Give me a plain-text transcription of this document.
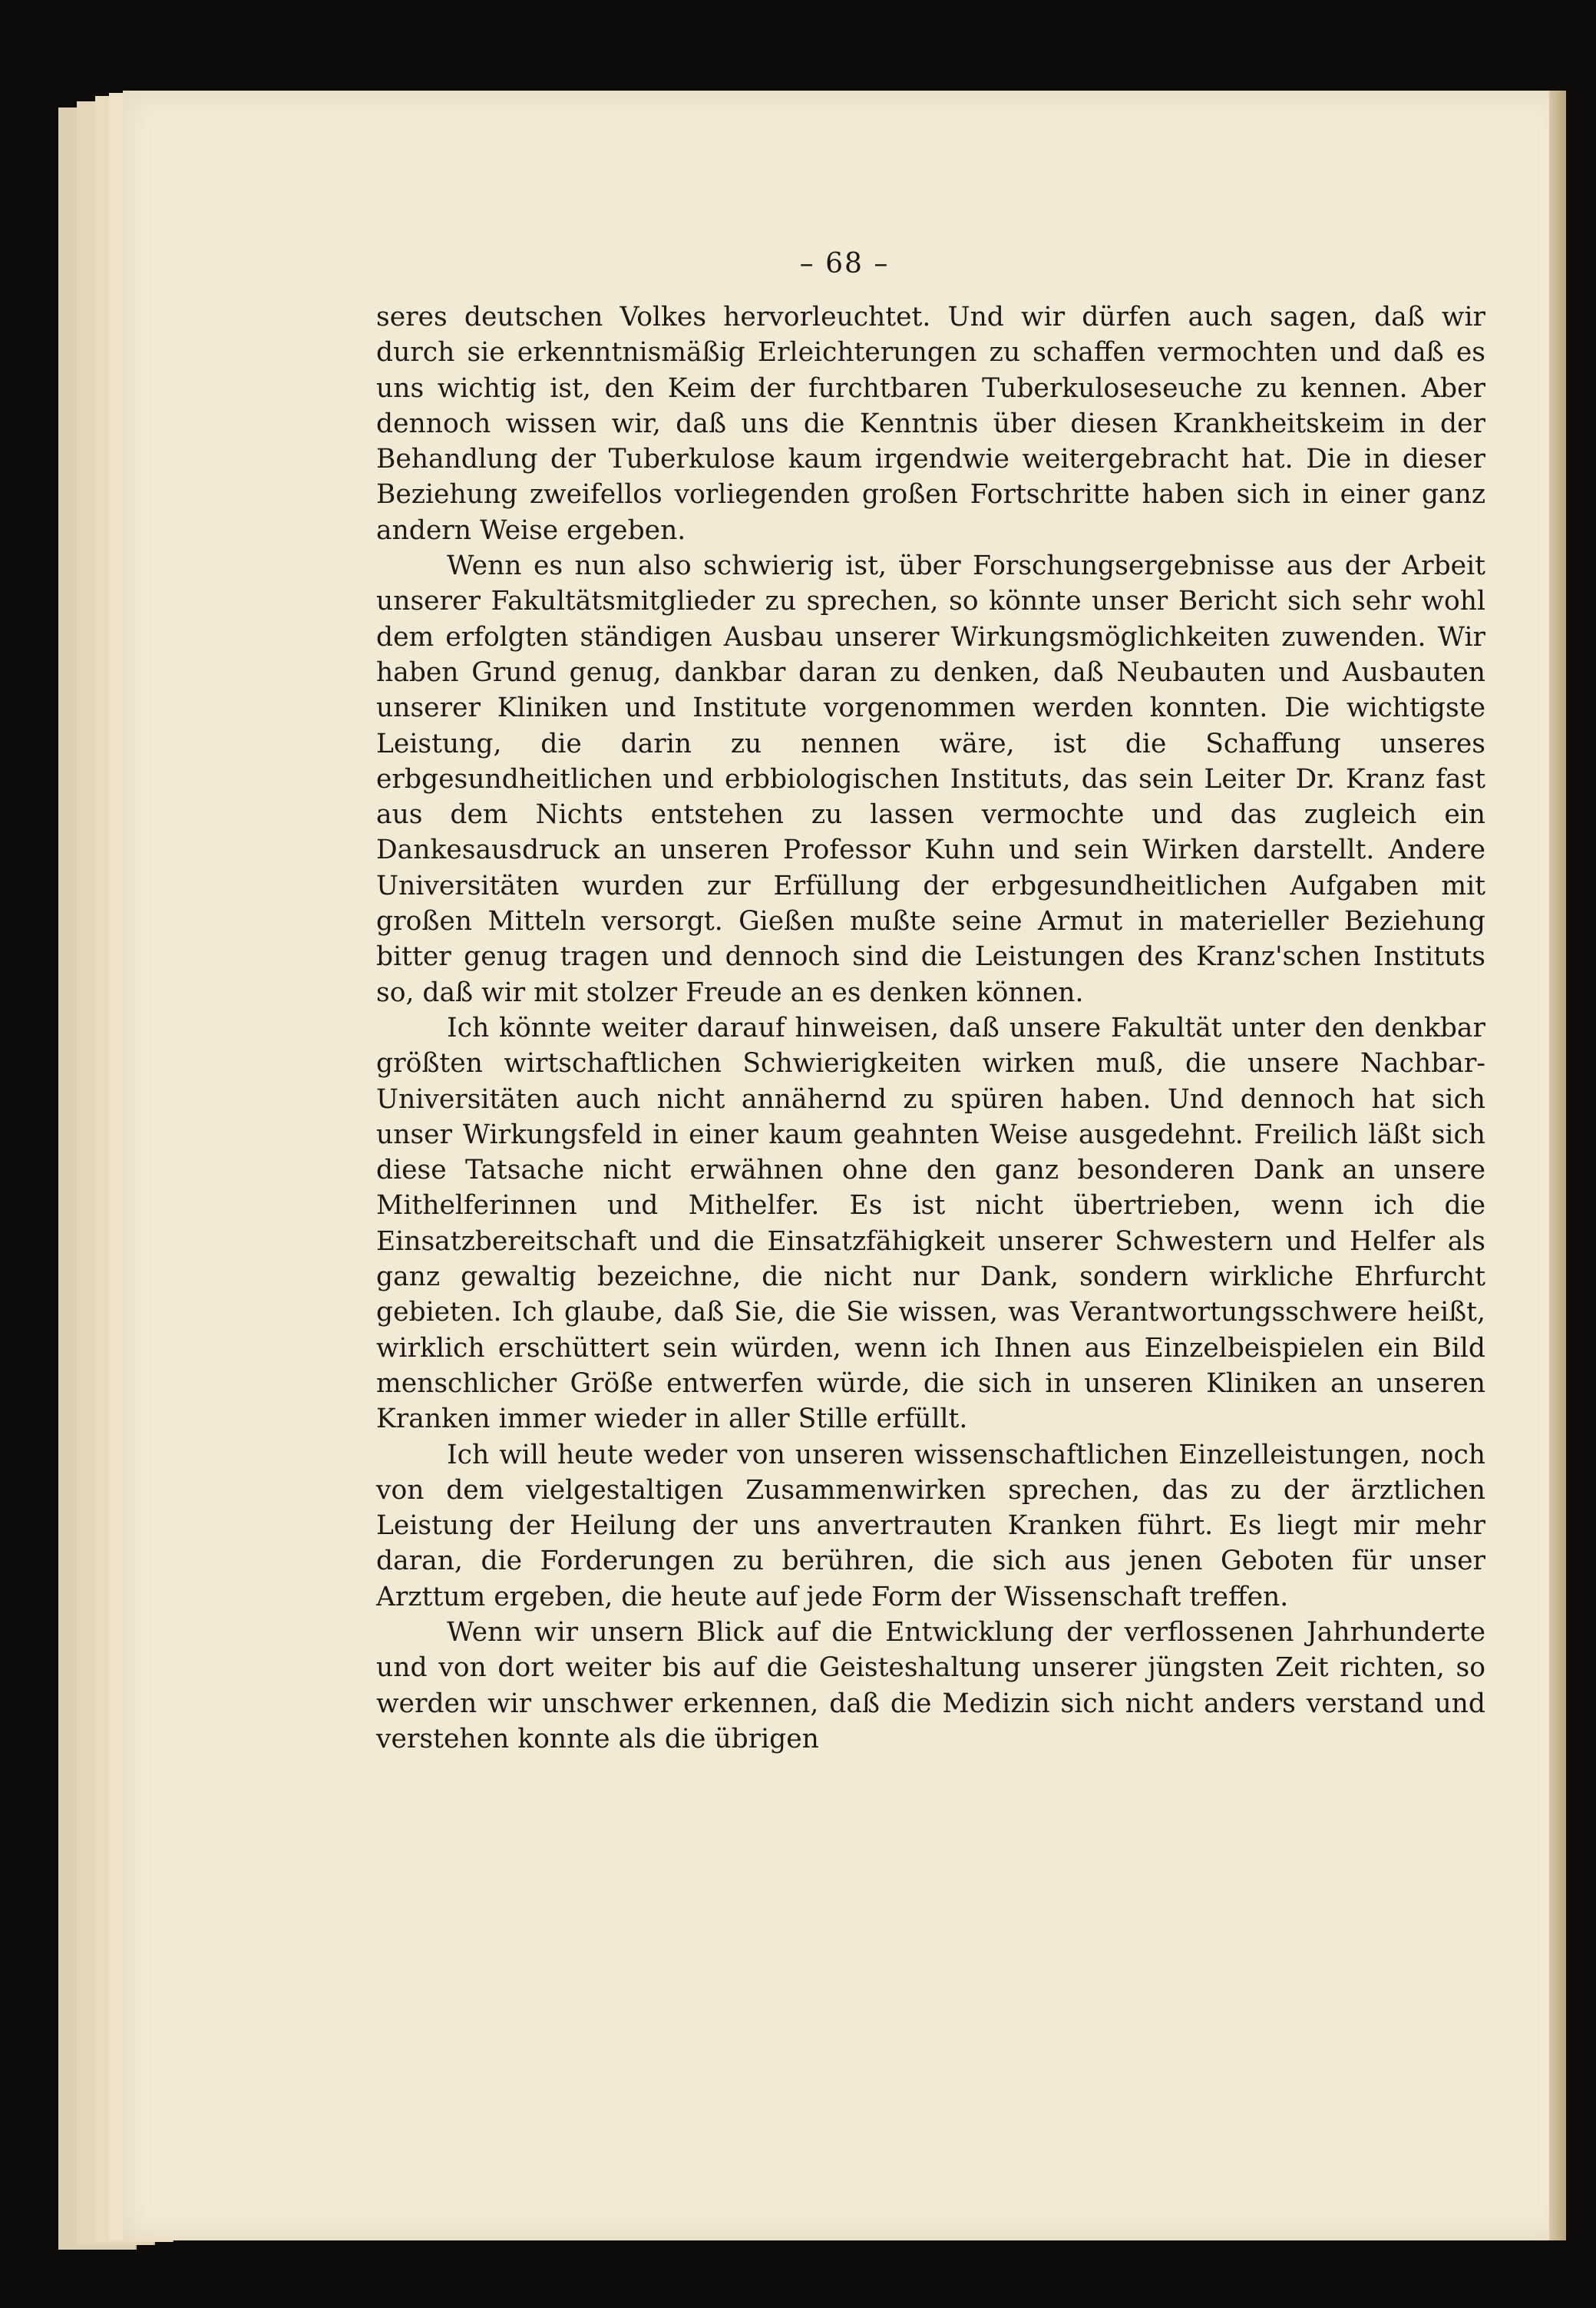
– 68 –

seres deutschen Volkes hervorleuchtet. Und wir dürfen auch sagen, daß wir durch sie erkenntnismäßig Erleichterungen zu schaffen vermochten und daß es uns wichtig ist, den Keim der furchtbaren Tuberkuloseseuche zu kennen. Aber dennoch wissen wir, daß uns die Kenntnis über diesen Krankheitskeim in der Behandlung der Tuberkulose kaum irgendwie weitergebracht hat. Die in dieser Beziehung zweifellos vorliegenden großen Fortschritte haben sich in einer ganz andern Weise ergeben.

Wenn es nun also schwierig ist, über Forschungsergebnisse aus der Arbeit unserer Fakultätsmitglieder zu sprechen, so könnte unser Bericht sich sehr wohl dem erfolgten ständigen Ausbau unserer Wirkungsmöglichkeiten zuwenden. Wir haben Grund genug, dankbar daran zu denken, daß Neubauten und Ausbauten unserer Kliniken und Institute vorgenommen werden konnten. Die wichtigste Leistung, die darin zu nennen wäre, ist die Schaffung unseres erbgesundheitlichen und erbbiologischen Instituts, das sein Leiter Dr. Kranz fast aus dem Nichts entstehen zu lassen vermochte und das zugleich ein Dankesausdruck an unseren Professor Kuhn und sein Wirken darstellt. Andere Universitäten wurden zur Erfüllung der erbgesundheitlichen Aufgaben mit großen Mitteln versorgt. Gießen mußte seine Armut in materieller Beziehung bitter genug tragen und dennoch sind die Leistungen des Kranz'schen Instituts so, daß wir mit stolzer Freude an es denken können.

Ich könnte weiter darauf hinweisen, daß unsere Fakultät unter den denkbar größten wirtschaftlichen Schwierigkeiten wirken muß, die unsere Nachbar-Universitäten auch nicht annähernd zu spüren haben. Und dennoch hat sich unser Wirkungsfeld in einer kaum geahnten Weise ausgedehnt. Freilich läßt sich diese Tatsache nicht erwähnen ohne den ganz besonderen Dank an unsere Mithelferinnen und Mithelfer. Es ist nicht übertrieben, wenn ich die Einsatzbereitschaft und die Einsatzfähigkeit unserer Schwestern und Helfer als ganz gewaltig bezeichne, die nicht nur Dank, sondern wirkliche Ehrfurcht gebieten. Ich glaube, daß Sie, die Sie wissen, was Verantwortungsschwere heißt, wirklich erschüttert sein würden, wenn ich Ihnen aus Einzelbeispielen ein Bild menschlicher Größe entwerfen würde, die sich in unseren Kliniken an unseren Kranken immer wieder in aller Stille erfüllt.

Ich will heute weder von unseren wissenschaftlichen Einzelleistungen, noch von dem vielgestaltigen Zusammenwirken sprechen, das zu der ärztlichen Leistung der Heilung der uns anvertrauten Kranken führt. Es liegt mir mehr daran, die Forderungen zu berühren, die sich aus jenen Geboten für unser Arzttum ergeben, die heute auf jede Form der Wissenschaft treffen.

Wenn wir unsern Blick auf die Entwicklung der verflossenen Jahrhunderte und von dort weiter bis auf die Geisteshaltung unserer jüngsten Zeit richten, so werden wir unschwer erkennen, daß die Medizin sich nicht anders verstand und verstehen konnte als die übrigen
